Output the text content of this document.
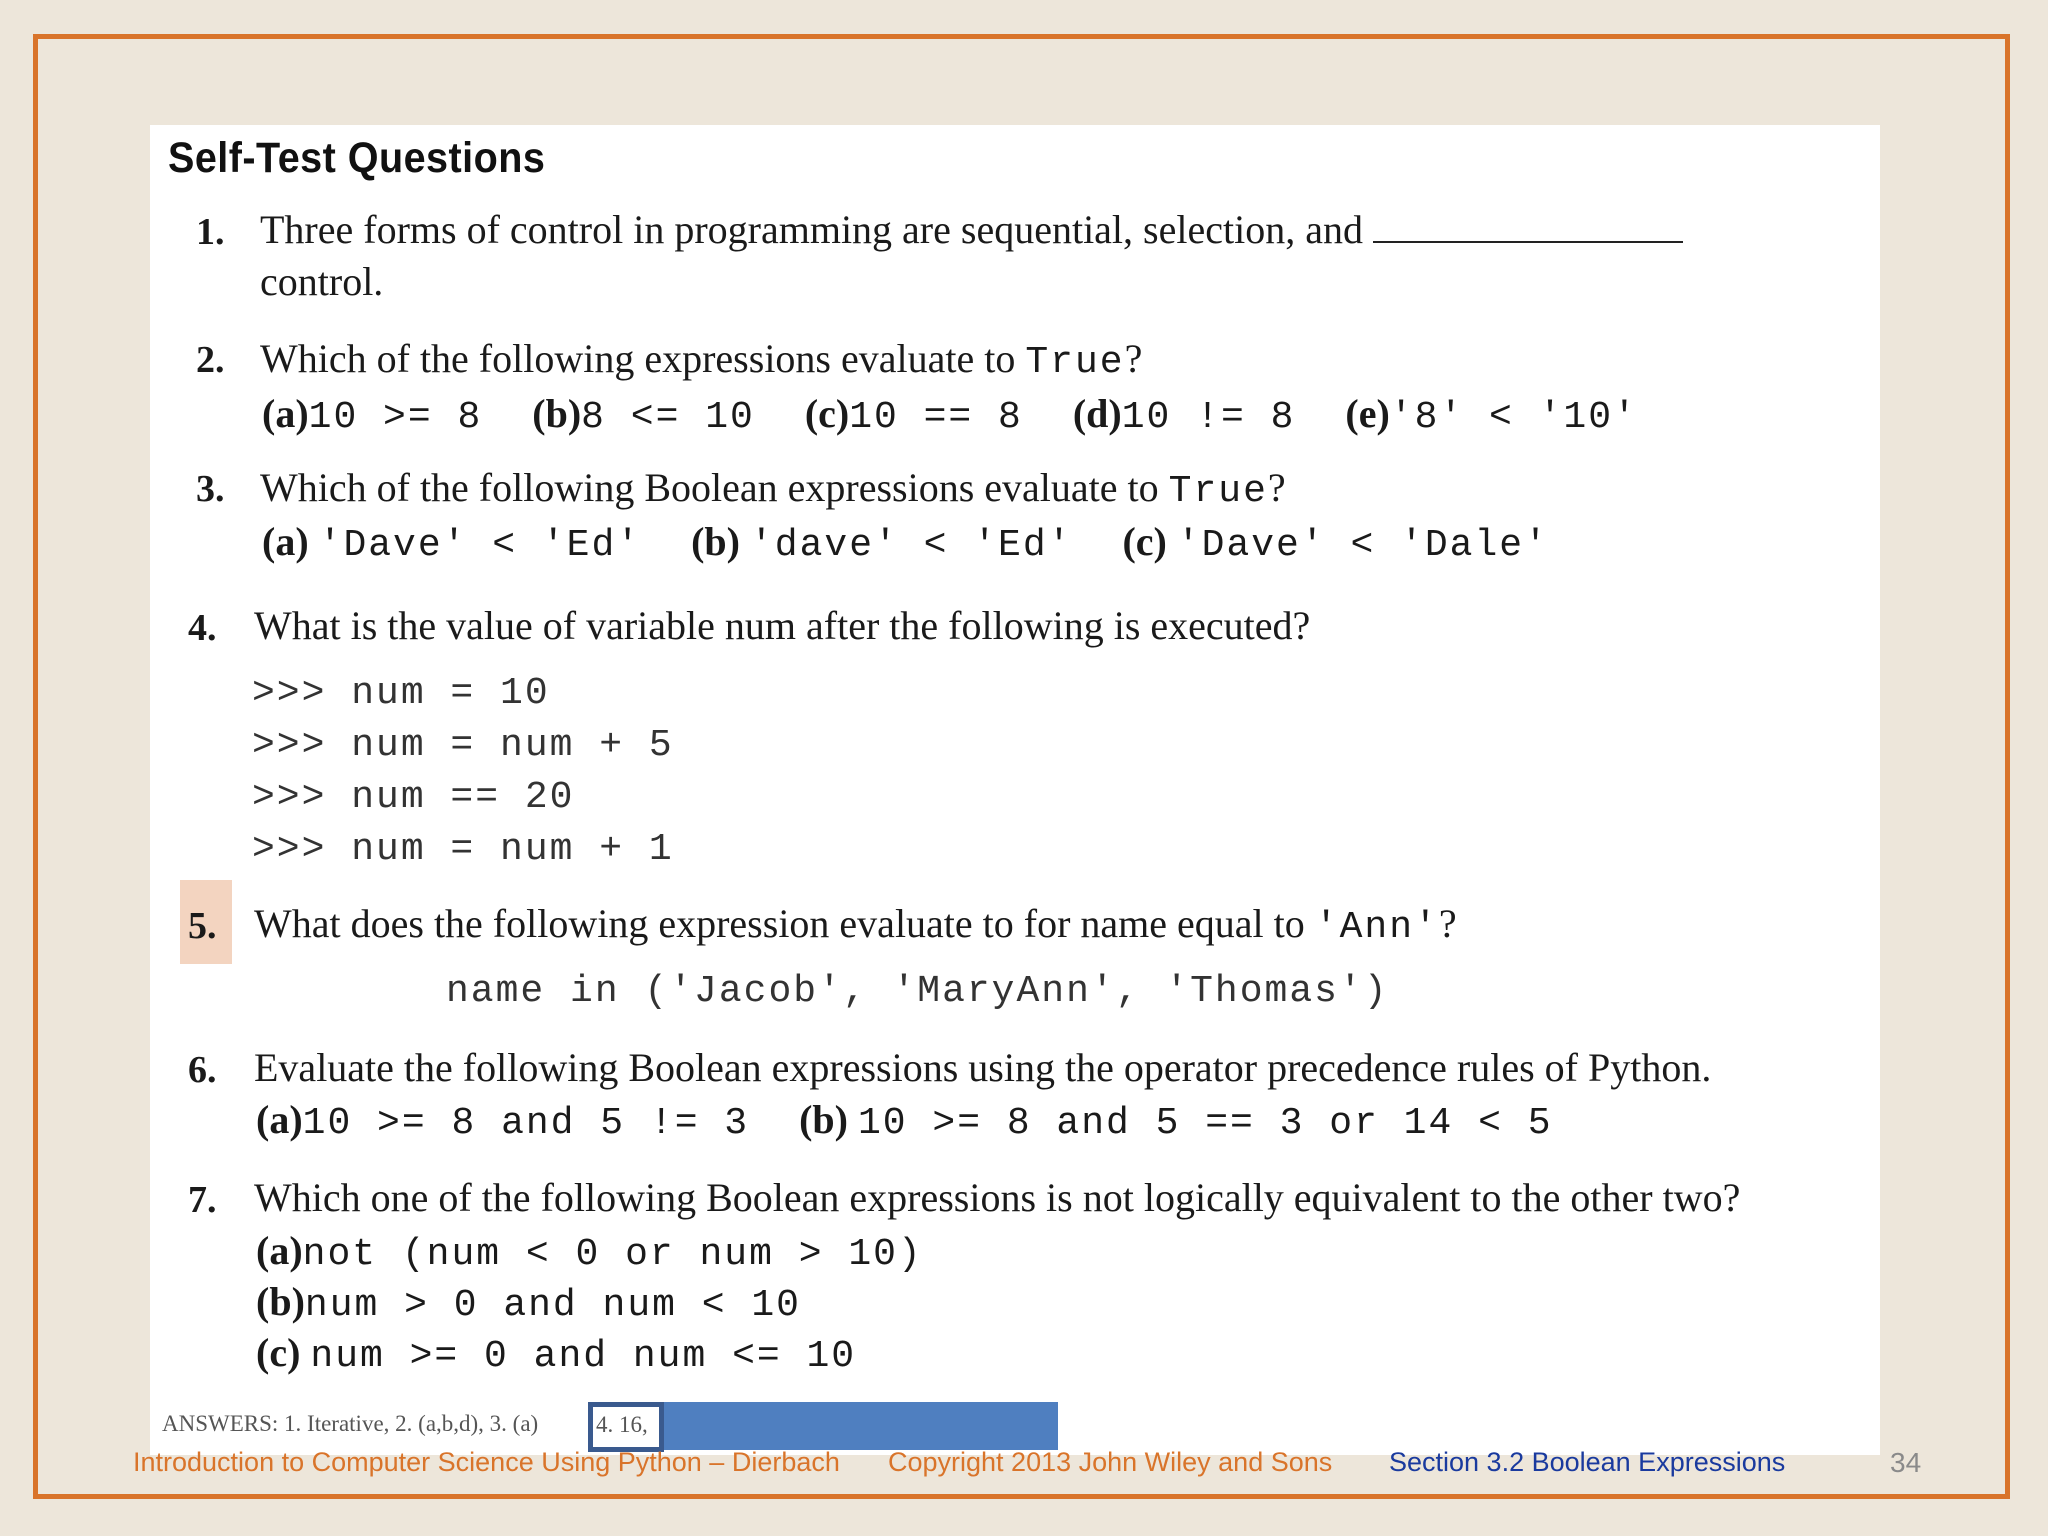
Self-Test Questions
1. Three forms of control in programming are sequential, selection, and
control.
2. Which of the following expressions evaluate to True?
(a)10 >= 8 (b)8 <= 10 (c)10 == 8 (d)10 != 8 (e)'8' < '10'
3. Which of the following Boolean expressions evaluate to True?
(a) 'Dave' < 'Ed' (b) 'dave' < 'Ed' (c) 'Dave' < 'Dale'
4. What is the value of variable num after the following is executed?
>>> num = 10
>>> num = num + 5
>>> num == 20
>>> num = num + 1
5. What does the following expression evaluate to for name equal to 'Ann'?
name in ('Jacob', 'MaryAnn', 'Thomas')
6. Evaluate the following Boolean expressions using the operator precedence rules of Python.
(a)10 >= 8 and 5 != 3 (b) 10 >= 8 and 5 == 3 or 14 < 5
7. Which one of the following Boolean expressions is not logically equivalent to the other two?
(a)not (num < 0 or num > 10)
(b)num > 0 and num < 10
(c) num >= 0 and num <= 10
ANSWERS: 1. Iterative, 2. (a,b,d), 3. (a)	4. 16,
Introduction to Computer Science Using Python – Dierbach Copyright 2013 John Wiley and Sons Section 3.2 Boolean Expressions	34
